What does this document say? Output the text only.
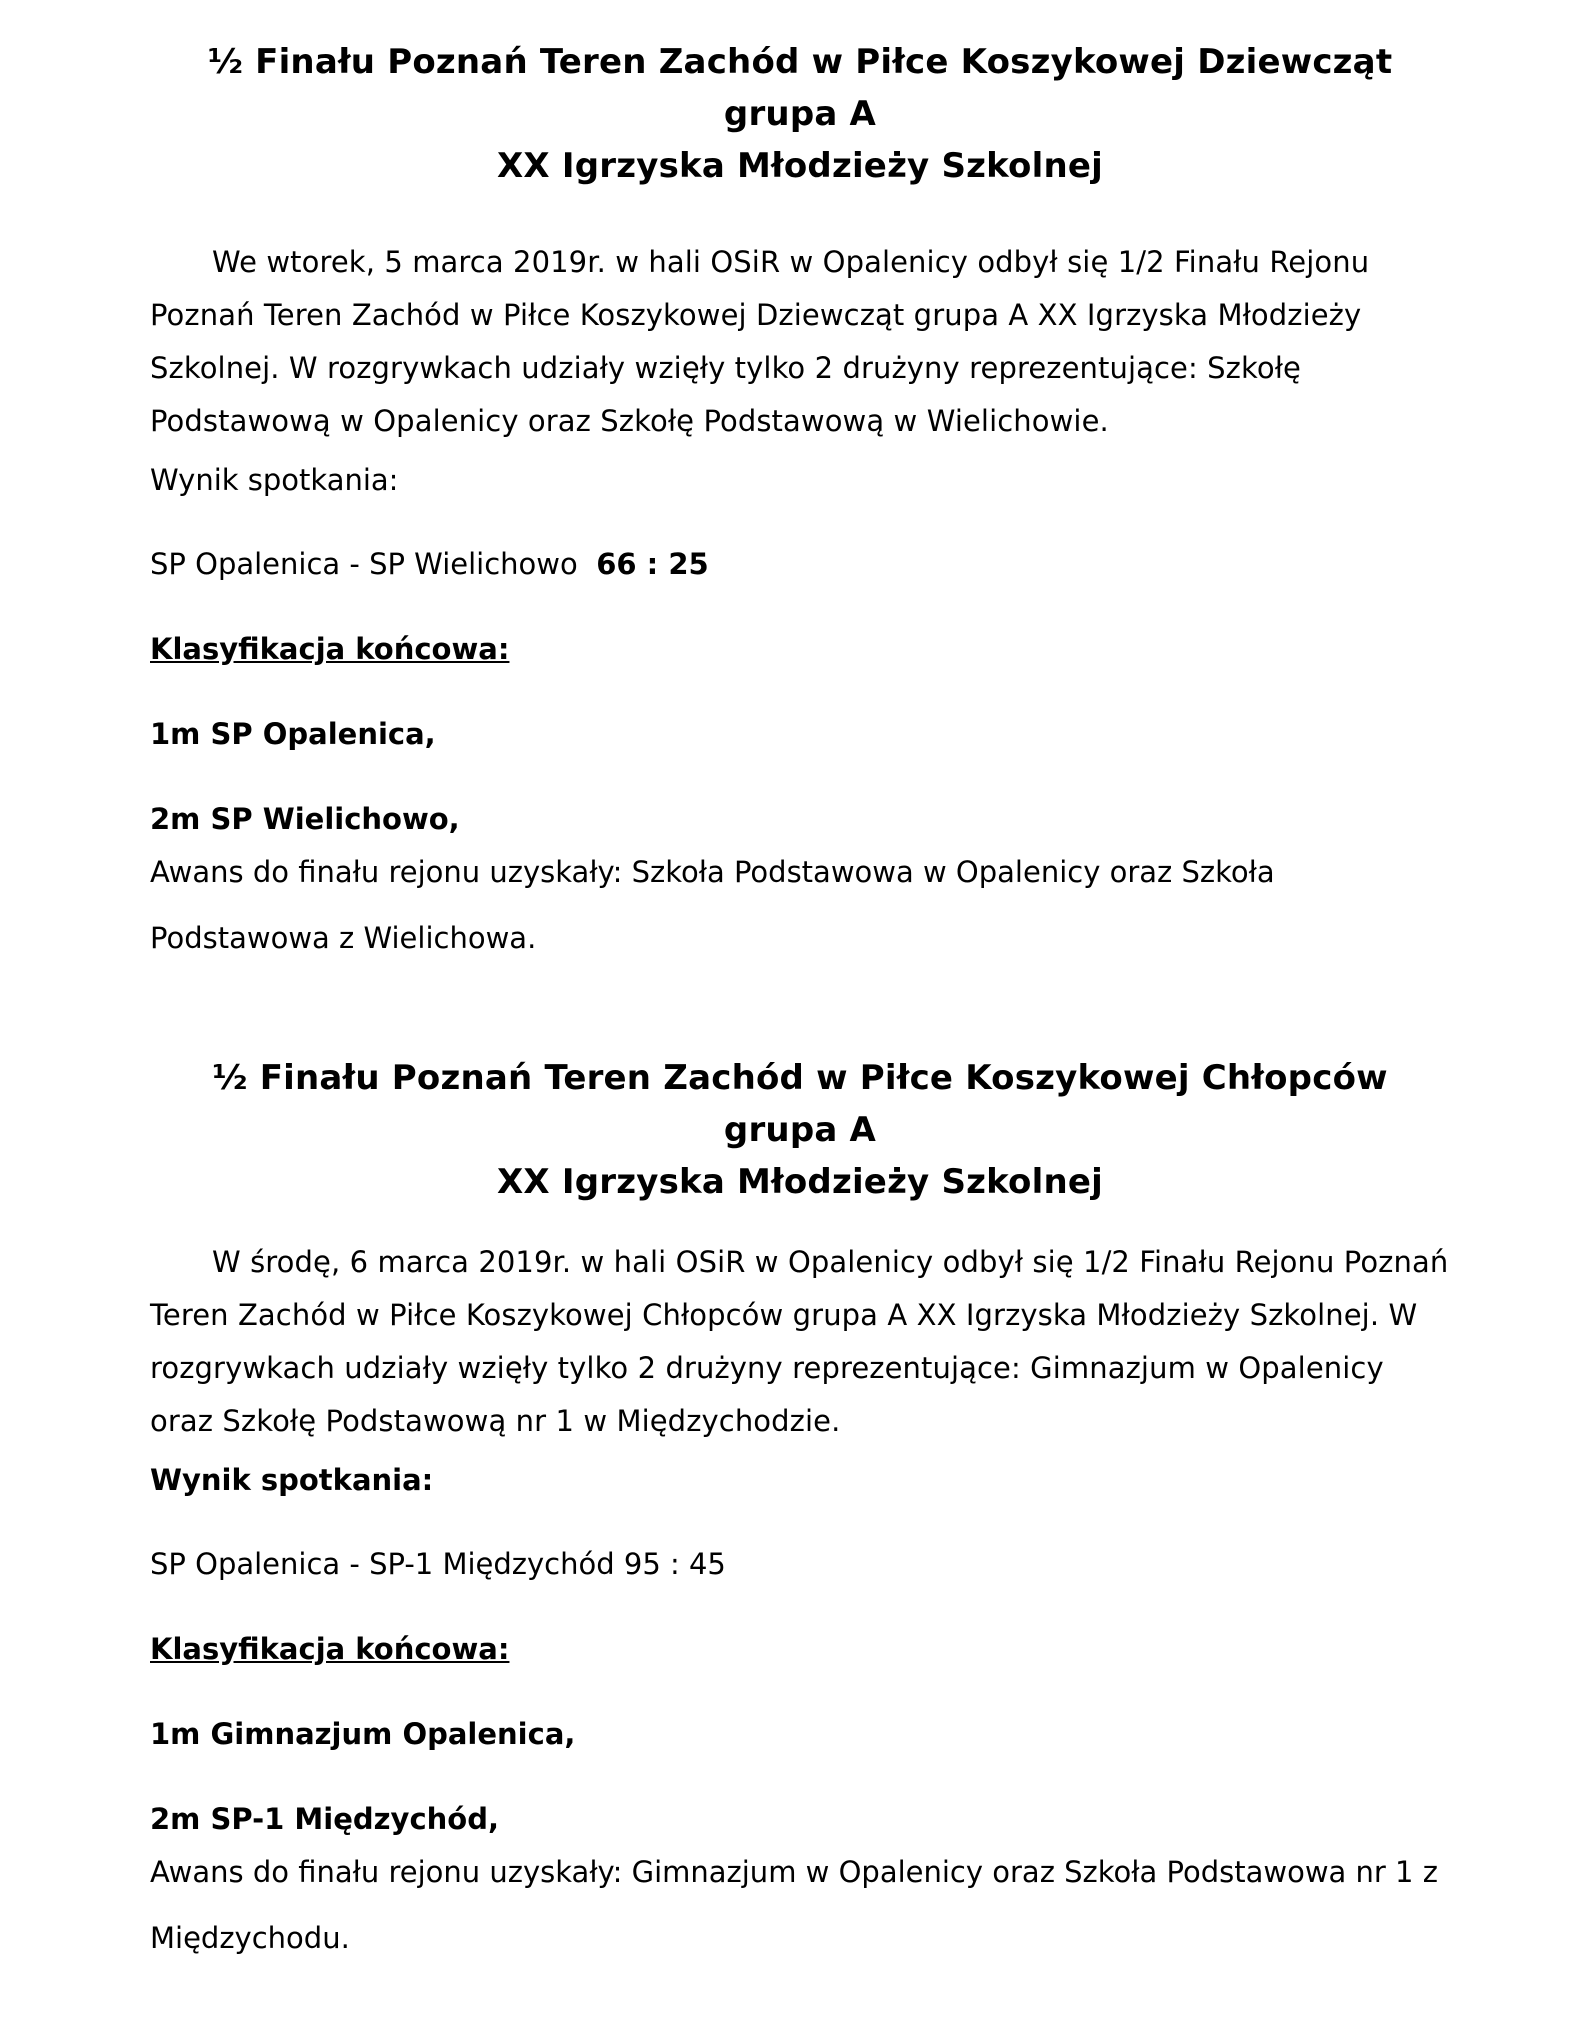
½ Finału Poznań Teren Zachód w Piłce Koszykowej Dziewcząt grupa A
XX Igrzyska Młodzieży Szkolnej

We wtorek, 5 marca 2019r. w hali OSiR w Opalenicy odbył się 1/2 Finału Rejonu Poznań Teren Zachód w Piłce Koszykowej Dziewcząt grupa A XX Igrzyska Młodzieży Szkolnej. W rozgrywkach udziały wzięły tylko 2 drużyny reprezentujące: Szkołę Podstawową w Opalenicy oraz Szkołę Podstawową w Wielichowie.

Wynik spotkania:

SP Opalenica - SP Wielichowo 66 : 25

Klasyfikacja końcowa:

1m SP Opalenica,

2m SP Wielichowo,

Awans do finału rejonu uzyskały: Szkoła Podstawowa w Opalenicy oraz Szkoła Podstawowa z Wielichowa.

½ Finału Poznań Teren Zachód w Piłce Koszykowej Chłopców grupa A
XX Igrzyska Młodzieży Szkolnej

W środę, 6 marca 2019r. w hali OSiR w Opalenicy odbył się 1/2 Finału Rejonu Poznań Teren Zachód w Piłce Koszykowej Chłopców grupa A XX Igrzyska Młodzieży Szkolnej. W rozgrywkach udziały wzięły tylko 2 drużyny reprezentujące: Gimnazjum w Opalenicy oraz Szkołę Podstawową nr 1 w Międzychodzie.

Wynik spotkania:

SP Opalenica - SP-1 Międzychód 95 : 45

Klasyfikacja końcowa:

1m Gimnazjum Opalenica,

2m SP-1 Międzychód,

Awans do finału rejonu uzyskały: Gimnazjum w Opalenicy oraz Szkoła Podstawowa nr 1 z Międzychodu.
